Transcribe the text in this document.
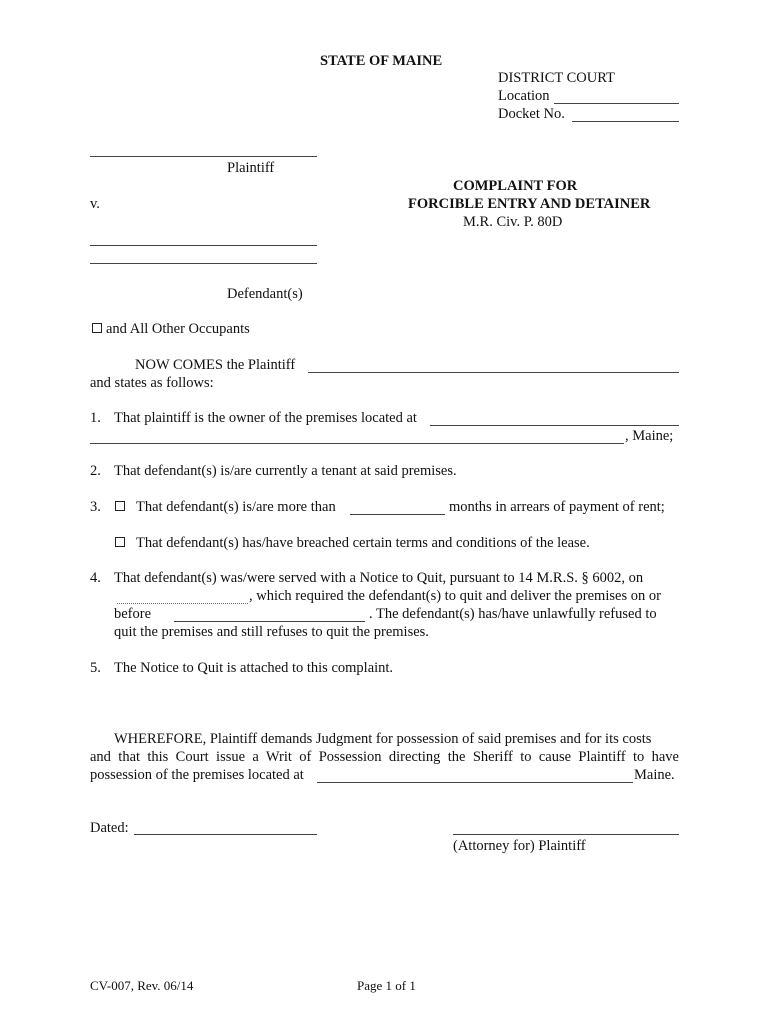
STATE OF MAINE
DISTRICT COURT
Location
Docket No.
Plaintiff
COMPLAINT FOR
v.	FORCIBLE ENTRY AND DETAINER
M.R. Civ. P. 80D
Defendant(s)
and All Other Occupants
NOW COMES the Plaintiff
and states as follows:
1. That plaintiff is the owner of the premises located at
, Maine;
2. That defendant(s) is/are currently a tenant at said premises.
3. That defendant(s) is/are more than	months in arrears of payment of rent;
That defendant(s) has/have breached certain terms and conditions of the lease.
4. That defendant(s) was/were served with a Notice to Quit, pursuant to 14 M.R.S. § 6002, on
, which required the defendant(s) to quit and deliver the premises on or
before	. The defendant(s) has/have unlawfully refused to
quit the premises and still refuses to quit the premises.
5. The Notice to Quit is attached to this complaint.
WHEREFORE, Plaintiff demands Judgment for possession of said premises and for its costs
and that this Court issue a Writ of Possession directing the Sheriff to cause Plaintiff to have
possession of the premises located at	Maine.
Dated:
(Attorney for) Plaintiff
CV-007, Rev. 06/14	Page 1 of 1
